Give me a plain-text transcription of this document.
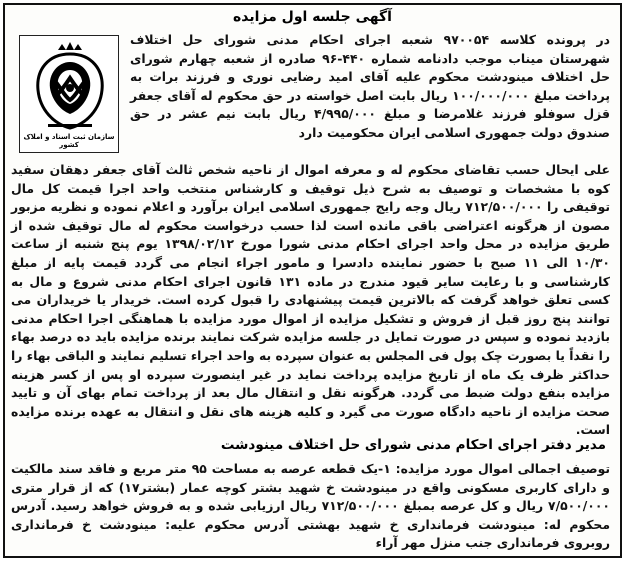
آگهی جلسه اول مزایده
سازمان ثبت اسناد و املاک کشور
در پرونده کلاسه ۹۷۰۰۵۴ شعبه اجرای احکام مدنی شورای حل اختلاف شهرستان میناب موجب دادنامه شماره ۴۴۰-۹۶ صادره از شعبه چهارم شورای حل اختلاف مینودشت محکوم علیه آقای امید رضایی نوری و فرزند برات به پرداخت مبلغ ۱۰۰/۰۰۰/۰۰۰ ریال بابت اصل خواسته در حق محکوم له آقای جعفر قزل سوفلو فرزند غلامرضا و مبلغ ۴/۹۹۵/۰۰۰ ریال بابت نیم عشر در حق صندوق دولت جمهوری اسلامی ایران محکومیت دارد
علی ایحال حسب تقاضای محکوم له و معرفه اموال از ناحیه شخص ثالث آقای جعفر دهقان سفید کوه با مشخصات و توصیف به شرح ذیل توقیف و کارشناس منتخب واحد اجرا قیمت کل مال توقیفی را ۷۱۲/۵۰۰/۰۰۰ ریال وجه رایج جمهوری اسلامی ایران برآورد و اعلام نموده و نظریه مزبور مصون از هرگونه اعتراضی باقی مانده است لذا حسب درخواست محکوم له مال توقیف شده از طریق مزایده در محل واحد اجرای احکام مدنی شورا مورخ ۱۳۹۸/۰۲/۱۲ یوم پنج شنبه از ساعت ۱۰/۳۰ الی ۱۱ صبح با حضور نماینده دادسرا و مامور اجراء انجام می گردد قیمت پایه از مبلغ کارشناسی و با رعایت سایر قیود مندرج در ماده ۱۳۱ قانون اجرای احکام مدنی شروع و مال به کسی تعلق خواهد گرفت که بالاترین قیمت پیشنهادی را قبول کرده است. خریدار یا خریداران می توانند پنج روز قبل از فروش و تشکیل مزایده از اموال مورد مزایده با هماهنگی اجرا احکام مدنی بازدید نموده و سپس در صورت تمایل در جلسه مزایده شرکت نمایند برنده مزایده باید ده درصد بهاء را نقداً یا بصورت چک پول فی المجلس به عنوان سپرده به واحد اجراء تسلیم نمایند و الباقی بهاء را حداکثر ظرف یک ماه از تاریخ مزایده پرداخت نماید در غیر اینصورت سپرده او پس از کسر هزینه مزایده بنفع دولت ضبط می گردد. هرگونه نقل و انتقال مال بعد از پرداخت تمام بهای آن و تایید صحت مزایده از ناحیه دادگاه صورت می گیرد و کلیه هزینه های نقل و انتقال به عهده برنده مزایده است.
مدیر دفتر اجرای احکام مدنی شورای حل اختلاف مینودشت
توصیف اجمالی اموال مورد مزایده: ۱-یک قطعه عرصه به مساحت ۹۵ متر مربع و فاقد سند مالکیت و دارای کاربری مسکونی واقع در مینودشت خ شهید بشتر کوچه عمار (بشتر۱۷) که از قرار متری ۷/۵۰۰/۰۰۰ ریال و کل عرصه بمبلغ ۷۱۲/۵۰۰/۰۰۰ ریال ارزیابی شده و به فروش خواهد رسید. آدرس محکوم له: مینودشت فرمانداری خ شهید بهشتی آدرس محکوم علیه: مینودشت خ فرمانداری روبروی فرمانداری جنب منزل مهر آراء
